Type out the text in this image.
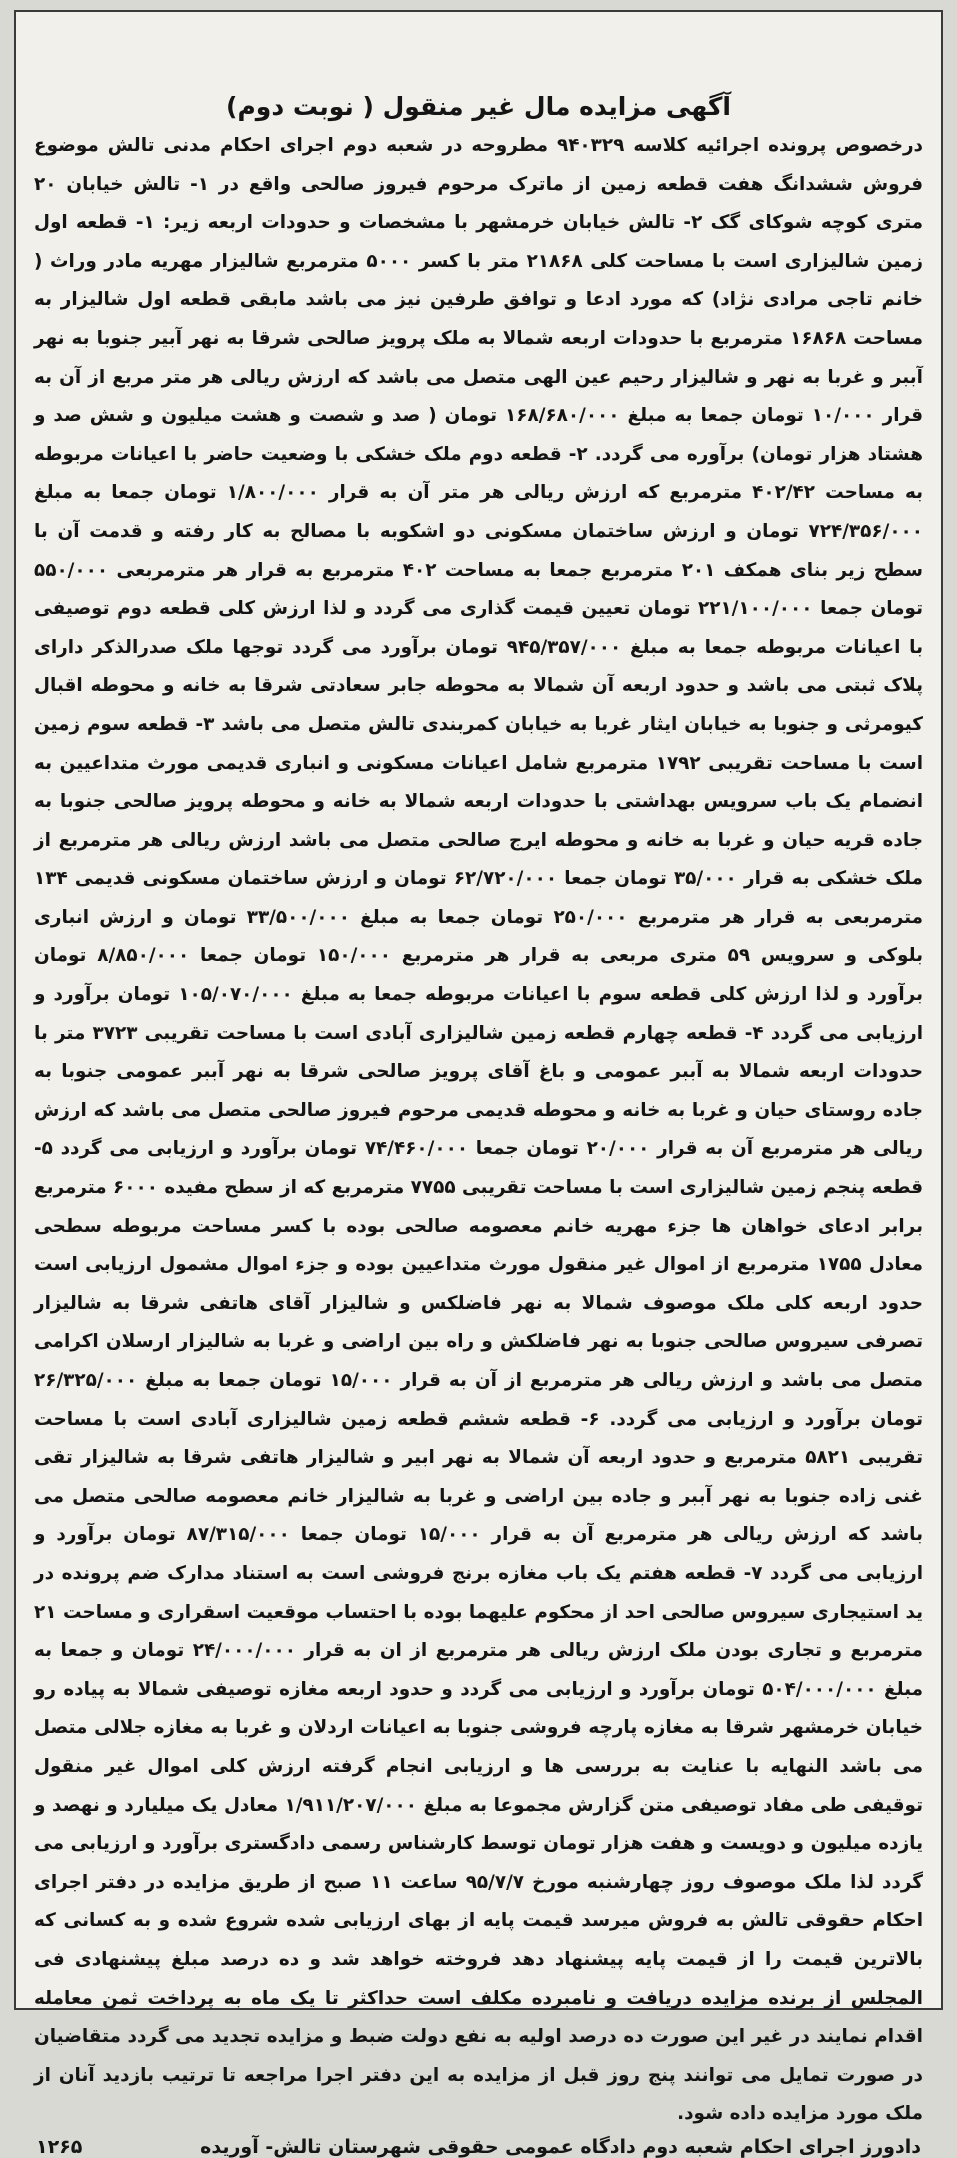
آگهی مزایده مال غیر منقول ( نوبت دوم)
درخصوص پرونده اجرائیه کلاسه ۹۴۰۳۲۹ مطروحه در شعبه دوم اجرای احکام مدنی تالش موضوع فروش ششدانگ هفت قطعه زمین از ماترک مرحوم فیروز صالحی واقع در ۱- تالش خیابان ۲۰ متری کوچه شوکای گک ۲- تالش خیابان خرمشهر با مشخصات و حدودات اربعه زیر: ۱- قطعه اول زمین شالیزاری است با مساحت کلی ۲۱۸۶۸ متر با کسر ۵۰۰۰ مترمربع شالیزار مهریه مادر وراث ( خانم تاجی مرادی نژاد) که مورد ادعا و توافق طرفین نیز می باشد مابقی قطعه اول شالیزار به مساحت ۱۶۸۶۸ مترمربع با حدودات اربعه شمالا به ملک پرویز صالحی شرقا به نهر آبیر جنوبا به نهر آببر و غربا به نهر و شالیزار رحیم عین الهی متصل می باشد که ارزش ریالی هر متر مربع از آن به قرار ۱۰/۰۰۰ تومان جمعا به مبلغ ۱۶۸/۶۸۰/۰۰۰ تومان ( صد و شصت و هشت میلیون و شش صد و هشتاد هزار تومان) برآوره می گردد. ۲- قطعه دوم ملک خشکی با وضعیت حاضر با اعیانات مربوطه به مساحت ۴۰۲/۴۲ مترمربع که ارزش ریالی هر متر آن به قرار ۱/۸۰۰/۰۰۰ تومان جمعا به مبلغ ۷۲۴/۳۵۶/۰۰۰ تومان و ارزش ساختمان مسکونی دو اشکوبه با مصالح به کار رفته و قدمت آن با سطح زیر بنای همکف ۲۰۱ مترمربع جمعا به مساحت ۴۰۲ مترمربع به قرار هر مترمربعی ۵۵۰/۰۰۰ تومان جمعا ۲۲۱/۱۰۰/۰۰۰ تومان تعیین قیمت گذاری می گردد و لذا ارزش کلی قطعه دوم توصیفی با اعیانات مربوطه جمعا به مبلغ ۹۴۵/۳۵۷/۰۰۰ تومان برآورد می گردد توجها ملک صدرالذکر دارای پلاک ثبتی می باشد و حدود اربعه آن شمالا به محوطه جابر سعادتی شرقا به خانه و محوطه اقبال کیومرثی و جنوبا به خیابان ایثار غربا به خیابان کمربندی تالش متصل می باشد ۳- قطعه سوم زمین است با مساحت تقریبی ۱۷۹۲ مترمربع شامل اعیانات مسکونی و انباری قدیمی مورث متداعیین به انضمام یک باب سرویس بهداشتی با حدودات اربعه شمالا به خانه و محوطه پرویز صالحی جنوبا به جاده قریه حیان و غربا به خانه و محوطه ایرج صالحی متصل می باشد ارزش ریالی هر مترمربع از ملک خشکی به قرار ۳۵/۰۰۰ تومان جمعا ۶۲/۷۲۰/۰۰۰ تومان و ارزش ساختمان مسکونی قدیمی ۱۳۴ مترمربعی به قرار هر مترمربع ۲۵۰/۰۰۰ تومان جمعا به مبلغ ۳۳/۵۰۰/۰۰۰ تومان و ارزش انباری بلوکی و سرویس ۵۹ متری مربعی به قرار هر مترمربع ۱۵۰/۰۰۰ تومان جمعا ۸/۸۵۰/۰۰۰ تومان برآورد و لذا ارزش کلی قطعه سوم با اعیانات مربوطه جمعا به مبلغ ۱۰۵/۰۷۰/۰۰۰ تومان برآورد و ارزیابی می گردد ۴- قطعه چهارم قطعه زمین شالیزاری آبادی است با مساحت تقریبی ۳۷۲۳ متر با حدودات اربعه شمالا به آببر عمومی و باغ آقای پرویز صالحی شرقا به نهر آببر عمومی جنوبا به جاده روستای حیان و غربا به خانه و محوطه قدیمی مرحوم فیروز صالحی متصل می باشد که ارزش ریالی هر مترمربع آن به قرار ۲۰/۰۰۰ تومان جمعا ۷۴/۴۶۰/۰۰۰ تومان برآورد و ارزیابی می گردد ۵- قطعه پنجم زمین شالیزاری است با مساحت تقریبی ۷۷۵۵ مترمربع که از سطح مفیده ۶۰۰۰ مترمربع برابر ادعای خواهان ها جزء مهریه خانم معصومه صالحی بوده با کسر مساحت مربوطه سطحی معادل ۱۷۵۵ مترمربع از اموال غیر منقول مورث متداعیین بوده و جزء اموال مشمول ارزیابی است حدود اربعه کلی ملک موصوف شمالا به نهر فاضلکس و شالیزار آقای هاتفی شرقا به شالیزار تصرفی سیروس صالحی جنوبا به نهر فاضلکش و راه بین اراضی و غربا به شالیزار ارسلان اکرامی متصل می باشد و ارزش ریالی هر مترمربع از آن به قرار ۱۵/۰۰۰ تومان جمعا به مبلغ ۲۶/۳۲۵/۰۰۰ تومان برآورد و ارزیابی می گردد. ۶- قطعه ششم قطعه زمین شالیزاری آبادی است با مساحت تقریبی ۵۸۲۱ مترمربع و حدود اربعه آن شمالا به نهر ابیر و شالیزار هاتفی شرقا به شالیزار تقی غنی زاده جنوبا به نهر آببر و جاده بین اراضی و غربا به شالیزار خانم معصومه صالحی متصل می باشد که ارزش ریالی هر مترمربع آن به قرار ۱۵/۰۰۰ تومان جمعا ۸۷/۳۱۵/۰۰۰ تومان برآورد و ارزیابی می گردد ۷- قطعه هفتم یک باب مغازه برنج فروشی است به استناد مدارک ضم پرونده در ید استیجاری سیروس صالحی احد از محکوم علیهما بوده با احتساب موقعیت اسقراری و مساحت ۲۱ مترمربع و تجاری بودن ملک ارزش ریالی هر مترمربع از ان به قرار ۲۴/۰۰۰/۰۰۰ تومان و جمعا به مبلغ ۵۰۴/۰۰۰/۰۰۰ تومان برآورد و ارزیابی می گردد و حدود اربعه مغازه توصیفی شمالا به پیاده رو خیابان خرمشهر شرقا به مغازه پارچه فروشی جنوبا به اعیانات اردلان و غربا به مغازه جلالی متصل می باشد النهایه با عنایت به بررسی ها و ارزیابی انجام گرفته ارزش کلی اموال غیر منقول توقیفی طی مفاد توصیفی متن گزارش مجموعا به مبلغ ۱/۹۱۱/۲۰۷/۰۰۰ معادل یک میلیارد و نهصد و یازده میلیون و دویست و هفت هزار تومان توسط کارشناس رسمی دادگستری برآورد و ارزیابی می گردد لذا ملک موصوف روز چهارشنبه مورخ ۹۵/۷/۷ ساعت ۱۱ صبح از طریق مزایده در دفتر اجرای احکام حقوقی تالش به فروش میرسد قیمت پایه از بهای ارزیابی شده شروع شده و به کسانی که بالاترین قیمت را از قیمت پایه پیشنهاد دهد فروخته خواهد شد و ده درصد مبلغ پیشنهادی فی المجلس از برنده مزایده دریافت و نامبرده مکلف است حداکثر تا یک ماه به پرداخت ثمن معامله اقدام نمایند در غیر این صورت ده درصد اولیه به نفع دولت ضبط و مزایده تجدید می گردد متقاضیان در صورت تمایل می توانند پنج روز قبل از مزایده به این دفتر اجرا مراجعه تا ترتیب بازدید آنان از ملک مورد مزایده داده شود.
دادورز اجرای احکام شعبه دوم دادگاه عمومی حقوقی شهرستان تالش- آوریده
۱۲۶۵
